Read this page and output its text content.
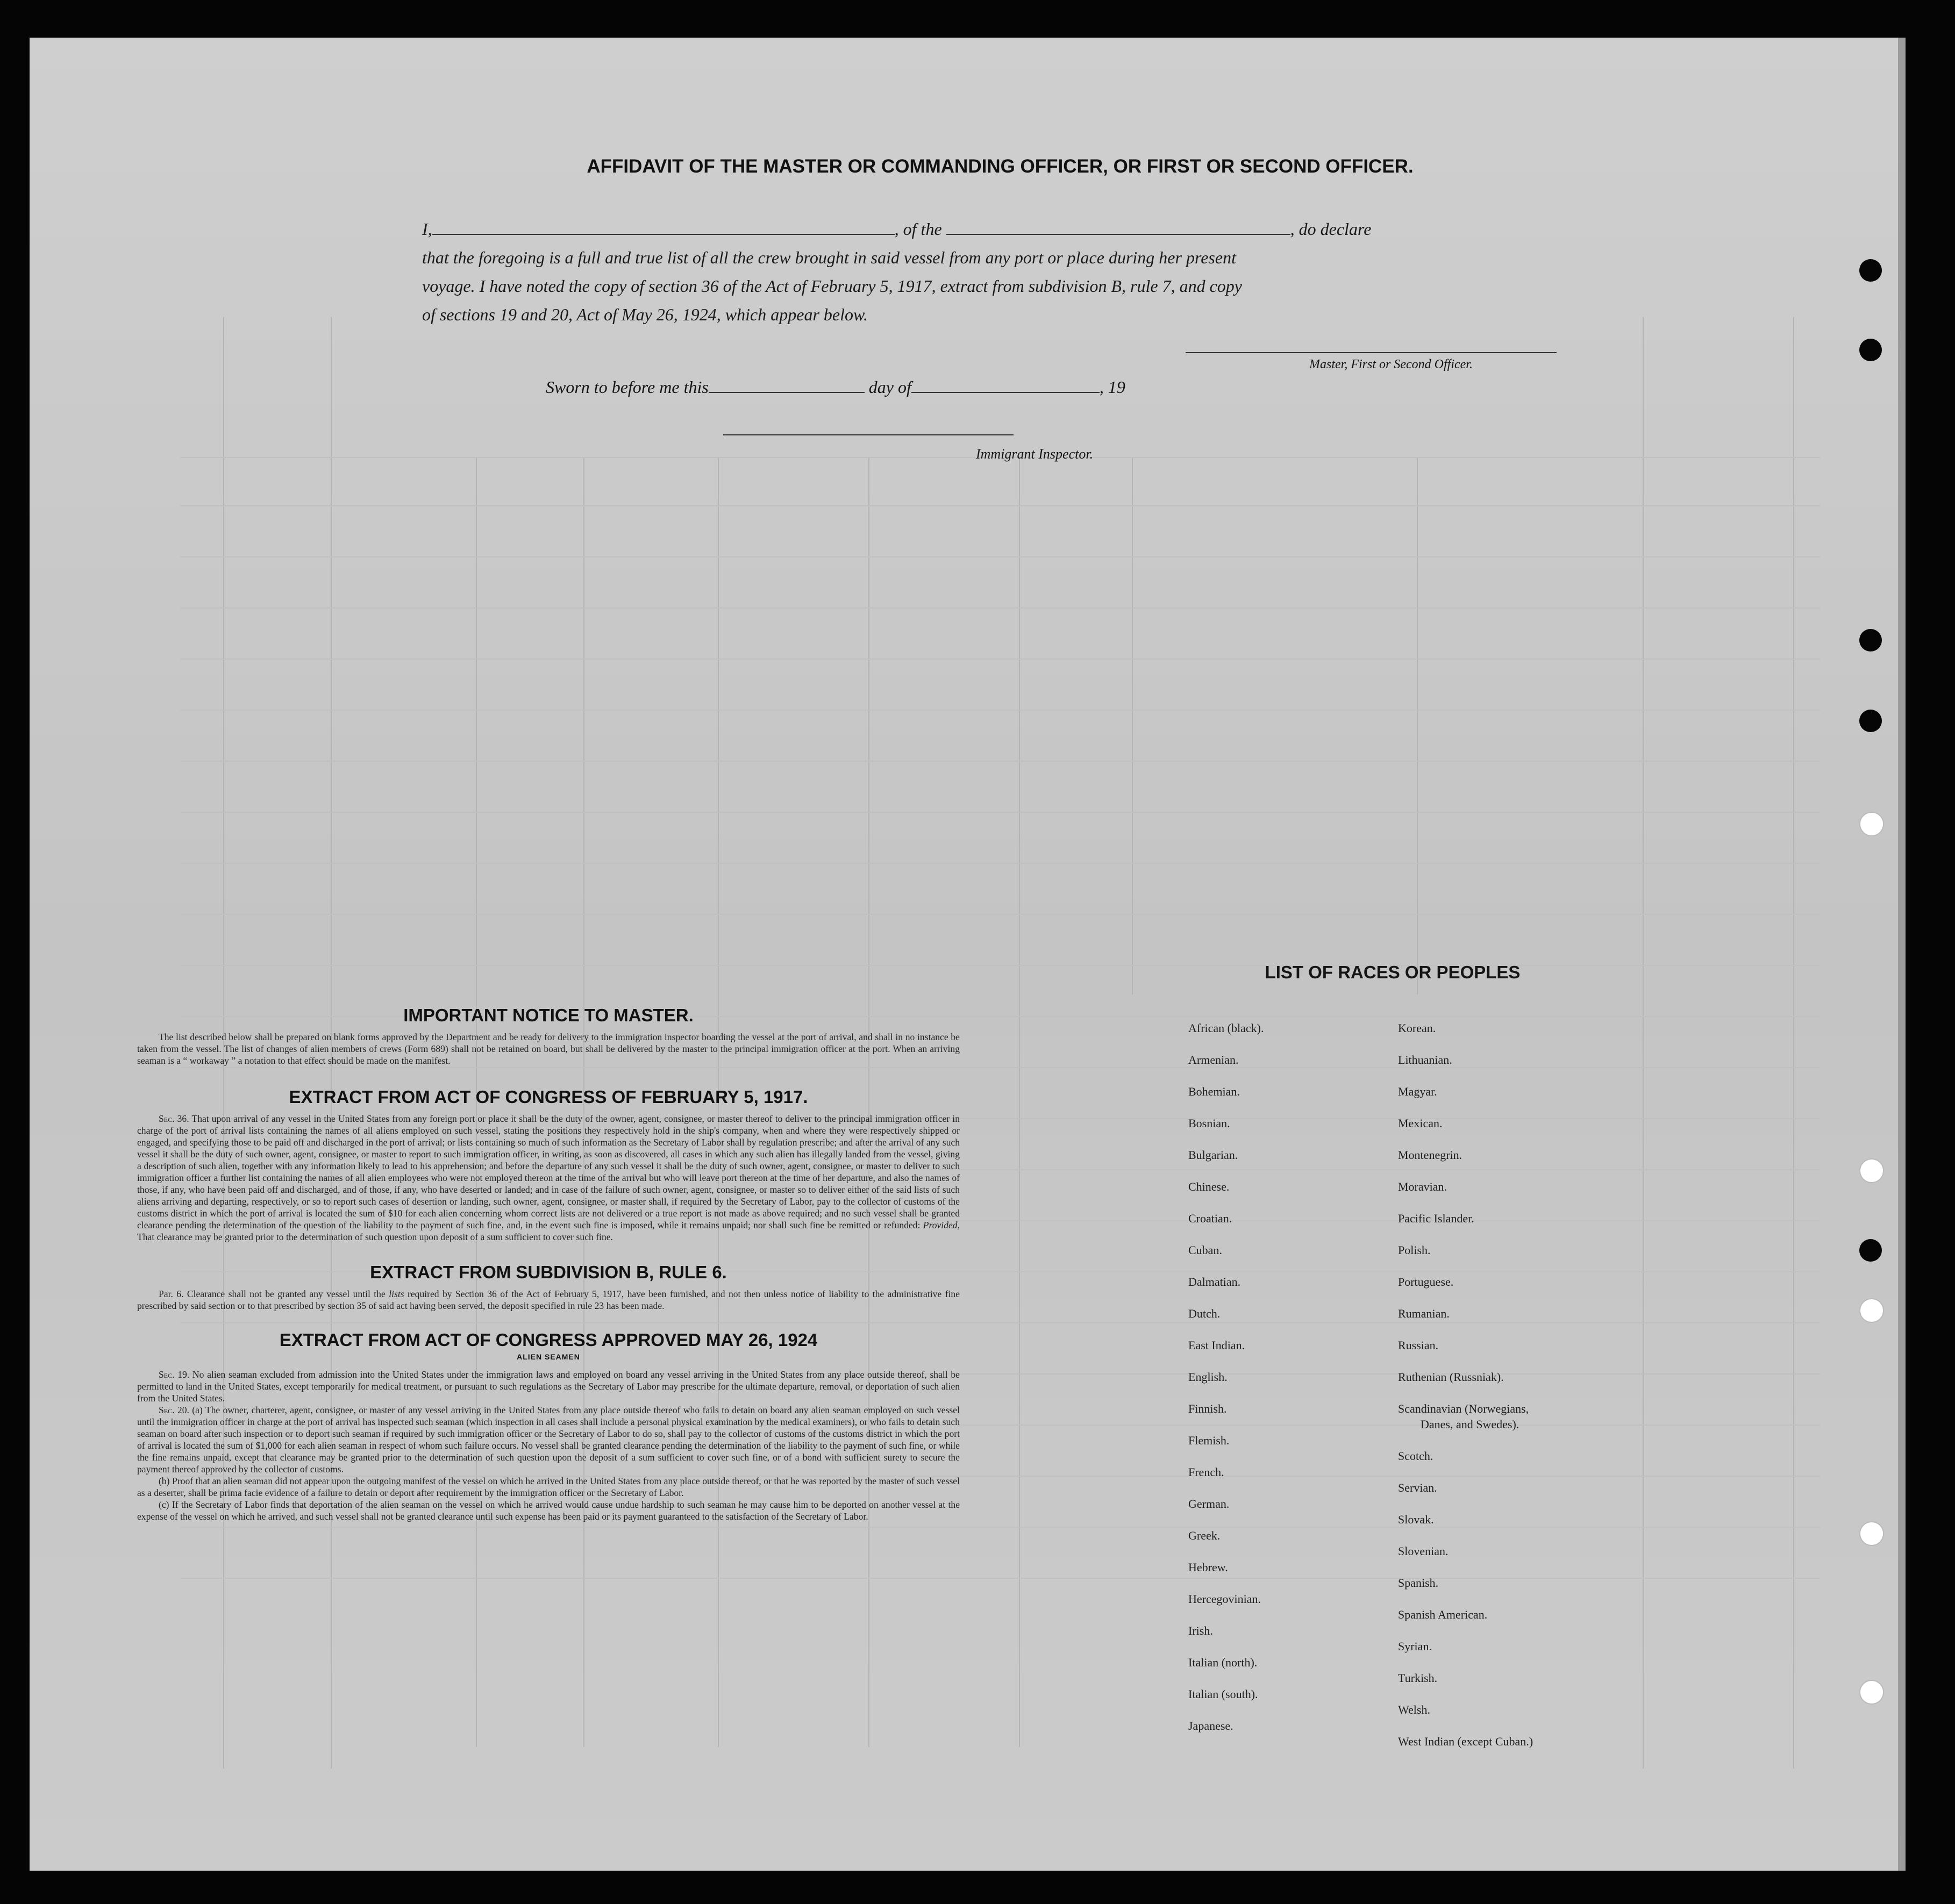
AFFIDAVIT OF THE MASTER OR COMMANDING OFFICER, OR FIRST OR SECOND OFFICER.
I,	, of the	, do declare
that the foregoing is a full and true list of all the crew brought in said vessel from any port or place during her present
voyage. I have noted the copy of section 36 of the Act of February 5, 1917, extract from subdivision B, rule 7, and copy
of sections 19 and 20, Act of May 26, 1924, which appear below.
Master, First or Second Officer.
Sworn to before me this	day of	, 19
Immigrant Inspector.

IMPORTANT NOTICE TO MASTER.

The list described below shall be prepared on blank forms approved by the Department and be ready for delivery to the immigration inspector boarding the vessel at the port of arrival, and shall in no instance be taken from the vessel. The list of changes of alien members of crews (Form 689) shall not be retained on board, but shall be delivered by the master to the principal immigration officer at the port. When an arriving seaman is a “ workaway ” a notation to that effect should be made on the manifest.

EXTRACT FROM ACT OF CONGRESS OF FEBRUARY 5, 1917.

Sec. 36. That upon arrival of any vessel in the United States from any foreign port or place it shall be the duty of the owner, agent, consignee, or master thereof to deliver to the principal immigration officer in charge of the port of arrival lists containing the names of all aliens employed on such vessel, stating the positions they respectively hold in the ship's company, when and where they were respectively shipped or engaged, and specifying those to be paid off and discharged in the port of arrival; or lists containing so much of such information as the Secretary of Labor shall by regulation prescribe; and after the arrival of any such vessel it shall be the duty of such owner, agent, consignee, or master to report to such immigration officer, in writing, as soon as discovered, all cases in which any such alien has illegally landed from the vessel, giving a description of such alien, together with any information likely to lead to his apprehension; and before the departure of any such vessel it shall be the duty of such owner, agent, consignee, or master to deliver to such immigration officer a further list containing the names of all alien employees who were not employed thereon at the time of the arrival but who will leave port thereon at the time of her departure, and also the names of those, if any, who have been paid off and discharged, and of those, if any, who have deserted or landed; and in case of the failure of such owner, agent, consignee, or master so to deliver either of the said lists of such aliens arriving and departing, respectively, or so to report such cases of desertion or landing, such owner, agent, consignee, or master shall, if required by the Secretary of Labor, pay to the collector of customs of the customs district in which the port of arrival is located the sum of $10 for each alien concerning whom correct lists are not delivered or a true report is not made as above required; and no such vessel shall be granted clearance pending the determination of the question of the liability to the payment of such fine, and, in the event such fine is imposed, while it remains unpaid; nor shall such fine be remitted or refunded: Provided, That clearance may be granted prior to the determination of such question upon deposit of a sum sufficient to cover such fine.

EXTRACT FROM SUBDIVISION B, RULE 6.

Par. 6. Clearance shall not be granted any vessel until the lists required by Section 36 of the Act of February 5, 1917, have been furnished, and not then unless notice of liability to the administrative fine prescribed by said section or to that prescribed by section 35 of said act having been served, the deposit specified in rule 23 has been made.

EXTRACT FROM ACT OF CONGRESS APPROVED MAY 26, 1924

ALIEN SEAMEN

Sec. 19. No alien seaman excluded from admission into the United States under the immigration laws and employed on board any vessel arriving in the United States from any place outside thereof, shall be permitted to land in the United States, except temporarily for medical treatment, or pursuant to such regulations as the Secretary of Labor may prescribe for the ultimate departure, removal, or deportation of such alien from the United States.

Sec. 20. (a) The owner, charterer, agent, consignee, or master of any vessel arriving in the United States from any place outside thereof who fails to detain on board any alien seaman employed on such vessel until the immigration officer in charge at the port of arrival has inspected such seaman (which inspection in all cases shall include a personal physical examination by the medical examiners), or who fails to detain such seaman on board after such inspection or to deport such seaman if required by such immigration officer or the Secretary of Labor to do so, shall pay to the collector of customs of the customs district in which the port of arrival is located the sum of $1,000 for each alien seaman in respect of whom such failure occurs. No vessel shall be granted clearance pending the determination of the liability to the payment of such fine, or while the fine remains unpaid, except that clearance may be granted prior to the determination of such question upon the deposit of a sum sufficient to cover such fine, or of a bond with sufficient surety to secure the payment thereof approved by the collector of customs.

(b) Proof that an alien seaman did not appear upon the outgoing manifest of the vessel on which he arrived in the United States from any place outside thereof, or that he was reported by the master of such vessel as a deserter, shall be prima facie evidence of a failure to detain or deport after requirement by the immigration officer or the Secretary of Labor.

(c) If the Secretary of Labor finds that deportation of the alien seaman on the vessel on which he arrived would cause undue hardship to such seaman he may cause him to be deported on another vessel at the expense of the vessel on which he arrived, and such vessel shall not be granted clearance until such expense has been paid or its payment guaranteed to the satisfaction of the Secretary of Labor.

LIST OF RACES OR PEOPLES
African (black).
Armenian.
Bohemian.
Bosnian.
Bulgarian.
Chinese.
Croatian.
Cuban.
Dalmatian.
Dutch.
East Indian.
English.
Finnish.
Flemish.
French.
German.
Greek.
Hebrew.
Hercegovinian.
Irish.
Italian (north).
Italian (south).
Japanese.
Korean.
Lithuanian.
Magyar.
Mexican.
Montenegrin.
Moravian.
Pacific Islander.
Polish.
Portuguese.
Rumanian.
Russian.
Ruthenian (Russniak).
Scandinavian (Norwegians,
Danes, and Swedes).
Scotch.
Servian.
Slovak.
Slovenian.
Spanish.
Spanish American.
Syrian.
Turkish.
Welsh.
West Indian (except Cuban.)
